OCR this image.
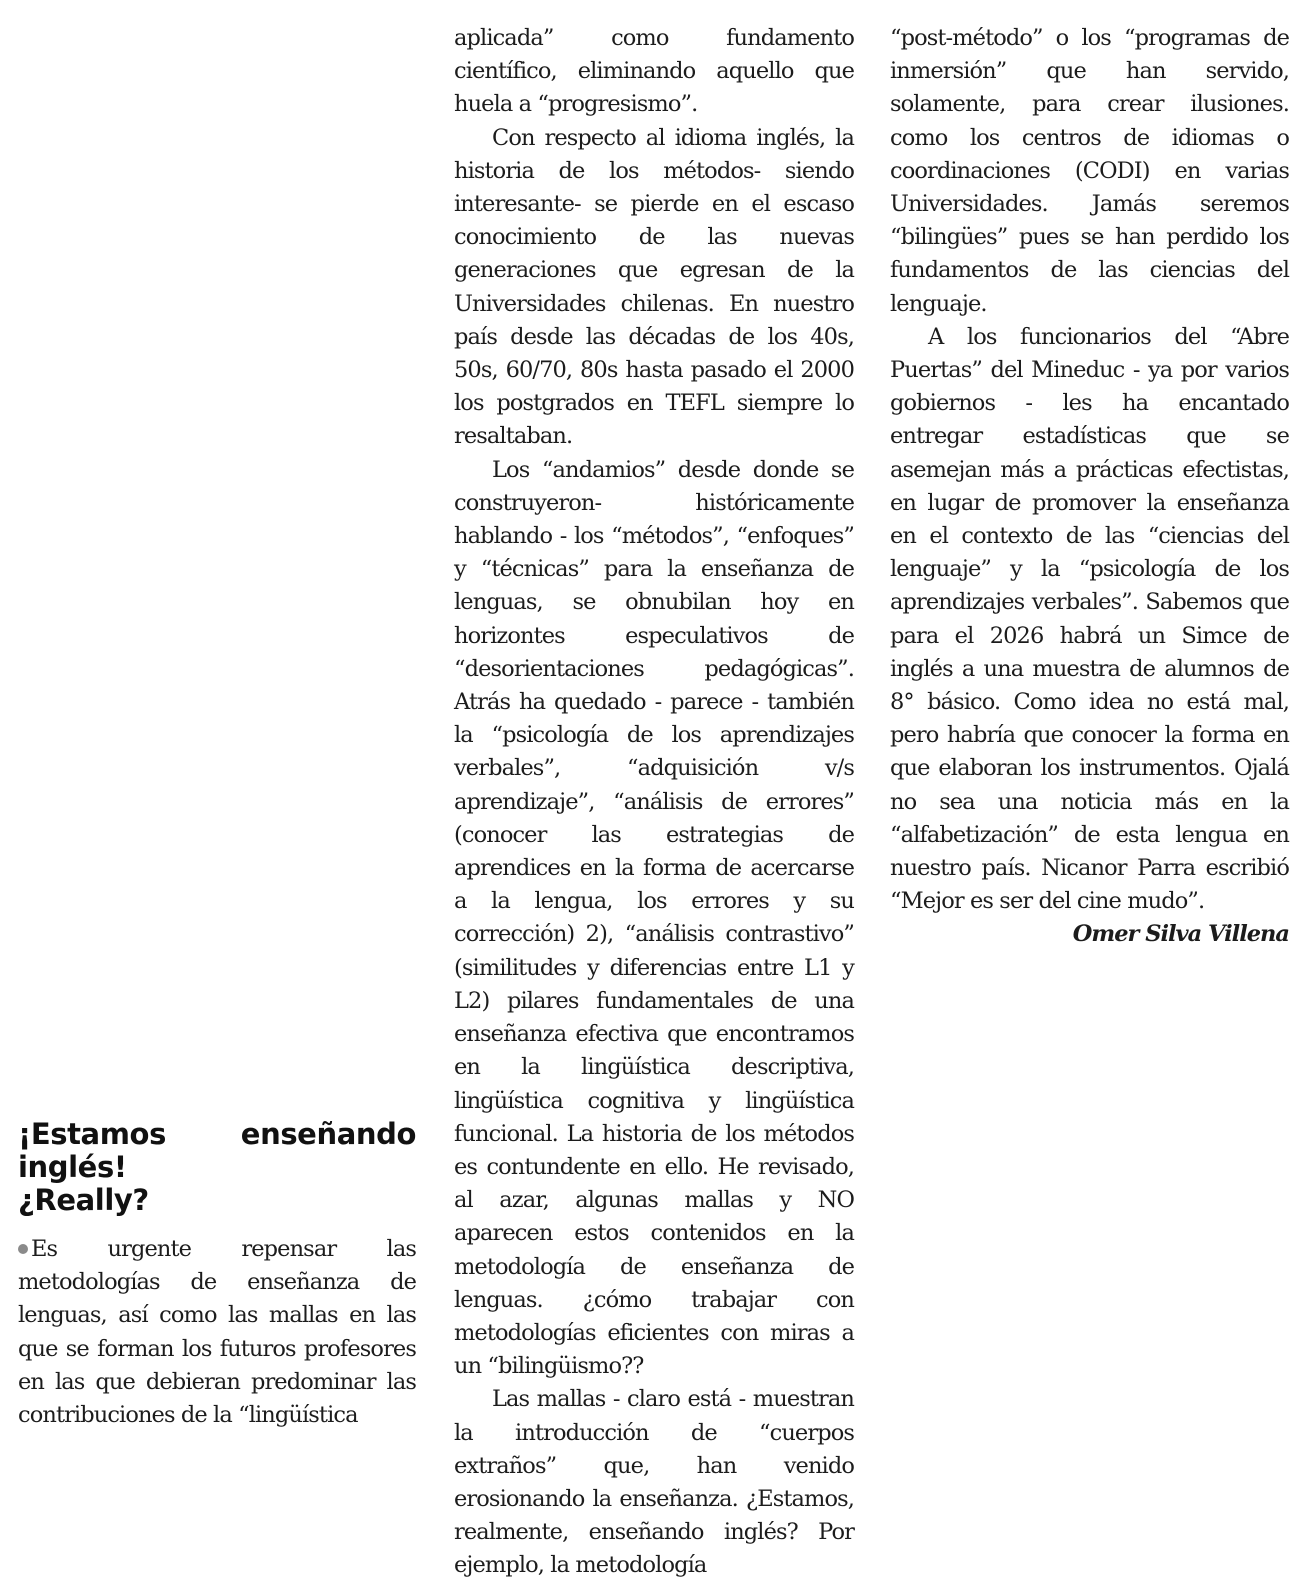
¡Estamos enseñando inglés!
¿Really?

Es urgente repensar las metodologías de enseñanza de lenguas, así como las mallas en las que se forman los futuros profesores en las que debieran predominar las contribuciones de la “lingüística

aplicada” como fundamento científico, eliminando aquello que huela a “progresismo”.

Con respecto al idioma inglés, la historia de los métodos- siendo interesante- se pierde en el escaso conocimiento de las nuevas generaciones que egresan de la Universidades chilenas. En nuestro país desde las décadas de los 40s, 50s, 60/70, 80s hasta pasado el 2000 los postgrados en TEFL siempre lo resaltaban.

Los “andamios” desde donde se construyeron- históricamente hablando - los “métodos”, “enfoques” y “técnicas” para la enseñanza de lenguas, se obnubilan hoy en horizontes especulativos de “desorientaciones pedagógicas”. Atrás ha quedado - parece - también la “psicología de los aprendizajes verbales”, “adquisición v/s aprendizaje”, “análisis de errores” (conocer las estrategias de aprendices en la forma de acercarse a la lengua, los errores y su corrección) 2), “análisis contrastivo” (similitudes y diferencias entre L1 y L2) pilares fundamentales de una enseñanza efectiva que encontramos en la lingüística descriptiva, lingüística cognitiva y lingüística funcional. La historia de los métodos es contundente en ello. He revisado, al azar, algunas mallas y NO aparecen estos contenidos en la metodología de enseñanza de lenguas. ¿cómo trabajar con metodologías eficientes con miras a un “bilingüismo??

Las mallas - claro está - muestran la introducción de “cuerpos extraños” que, han venido erosionando la enseñanza. ¿Estamos, realmente, enseñando inglés? Por ejemplo, la metodología

“post-método” o los “programas de inmersión” que han servido, solamente, para crear ilusiones. como los centros de idiomas o coordinaciones (CODI) en varias Universidades. Jamás seremos “bilingües” pues se han perdido los fundamentos de las ciencias del lenguaje.

A los funcionarios del “Abre Puertas” del Mineduc - ya por varios gobiernos - les ha encantado entregar estadísticas que se asemejan más a prácticas efectistas, en lugar de promover la enseñanza en el contexto de las “ciencias del lenguaje” y la “psicología de los aprendizajes verbales”. Sabemos que para el 2026 habrá un Simce de inglés a una muestra de alumnos de 8° básico. Como idea no está mal, pero habría que conocer la forma en que elaboran los instrumentos. Ojalá no sea una noticia más en la “alfabetización” de esta lengua en nuestro país. Nicanor Parra escribió “Mejor es ser del cine mudo”.

Omer Silva Villena
